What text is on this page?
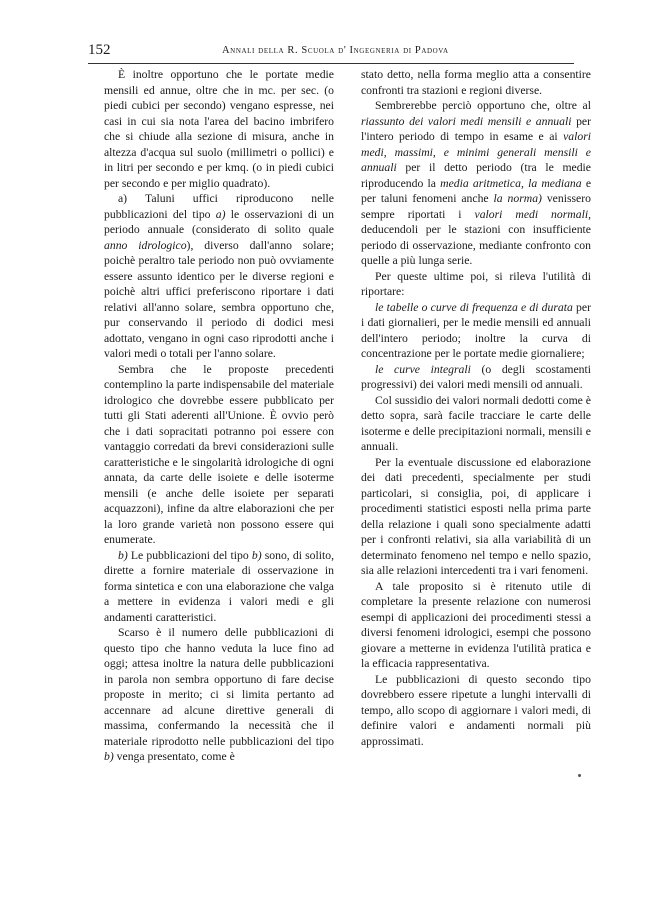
152	Annali della R. Scuola d' Ingegneria di Padova

È inoltre opportuno che le portate medie mensili ed annue, oltre che in mc. per sec. (o piedi cubici per secondo) vengano espresse, nei casi in cui sia nota l'area del bacino imbrifero che si chiude alla sezione di misura, anche in altezza d'acqua sul suolo (millimetri o pollici) e in litri per secondo e per kmq. (o in piedi cubici per secondo e per miglio quadrato).

a) Taluni uffici riproducono nelle pubblicazioni del tipo a) le osservazioni di un periodo annuale (considerato di solito quale anno idrologico), diverso dall'anno solare; poichè peraltro tale periodo non può ovviamente essere assunto identico per le diverse regioni e poichè altri uffici preferiscono riportare i dati relativi all'anno solare, sembra opportuno che, pur conservando il periodo di dodici mesi adottato, vengano in ogni caso riprodotti anche i valori medi o totali per l'anno solare.

Sembra che le proposte precedenti contemplino la parte indispensabile del materiale idrologico che dovrebbe essere pubblicato per tutti gli Stati aderenti all'Unione. È ovvio però che i dati sopracitati potranno poi essere con vantaggio corredati da brevi considerazioni sulle caratteristiche e le singolarità idrologiche di ogni annata, da carte delle isoiete e delle isoterme mensili (e anche delle isoiete per separati acquazzoni), infine da altre elaborazioni che per la loro grande varietà non possono essere qui enumerate.

b) Le pubblicazioni del tipo b) sono, di solito, dirette a fornire materiale di osservazione in forma sintetica e con una elaborazione che valga a mettere in evidenza i valori medi e gli andamenti caratteristici.

Scarso è il numero delle pubblicazioni di questo tipo che hanno veduta la luce fino ad oggi; attesa inoltre la natura delle pubblicazioni in parola non sembra opportuno di fare decise proposte in merito; ci si limita pertanto ad accennare ad alcune direttive generali di massima, confermando la necessità che il materiale riprodotto nelle pubblicazioni del tipo b) venga presentato, come è

stato detto, nella forma meglio atta a consentire confronti tra stazioni e regioni diverse.

Sembrerebbe perciò opportuno che, oltre al riassunto dei valori medi mensili e annuali per l'intero periodo di tempo in esame e ai valori medi, massimi, e minimi generali mensili e annuali per il detto periodo (tra le medie riproducendo la media aritmetica, la mediana e per taluni fenomeni anche la norma) venissero sempre riportati i valori medi normali, deducendoli per le stazioni con insufficiente periodo di osservazione, mediante confronto con quelle a più lunga serie.

Per queste ultime poi, si rileva l'utilità di riportare:

le tabelle o curve di frequenza e di durata per i dati giornalieri, per le medie mensili ed annuali dell'intero periodo; inoltre la curva di concentrazione per le portate medie giornaliere;

le curve integrali (o degli scostamenti progressivi) dei valori medi mensili od annuali.

Col sussidio dei valori normali dedotti come è detto sopra, sarà facile tracciare le carte delle isoterme e delle precipitazioni normali, mensili e annuali.

Per la eventuale discussione ed elaborazione dei dati precedenti, specialmente per studi particolari, si consiglia, poi, di applicare i procedimenti statistici esposti nella prima parte della relazione i quali sono specialmente adatti per i confronti relativi, sia alla variabilità di un determinato fenomeno nel tempo e nello spazio, sia alle relazioni intercedenti tra i vari fenomeni.

A tale proposito si è ritenuto utile di completare la presente relazione con numerosi esempi di applicazioni dei procedimenti stessi a diversi fenomeni idrologici, esempi che possono giovare a metterne in evidenza l'utilità pratica e la efficacia rappresentativa.

Le pubblicazioni di questo secondo tipo dovrebbero essere ripetute a lunghi intervalli di tempo, allo scopo di aggiornare i valori medi, di definire valori e andamenti normali più approssimati.
